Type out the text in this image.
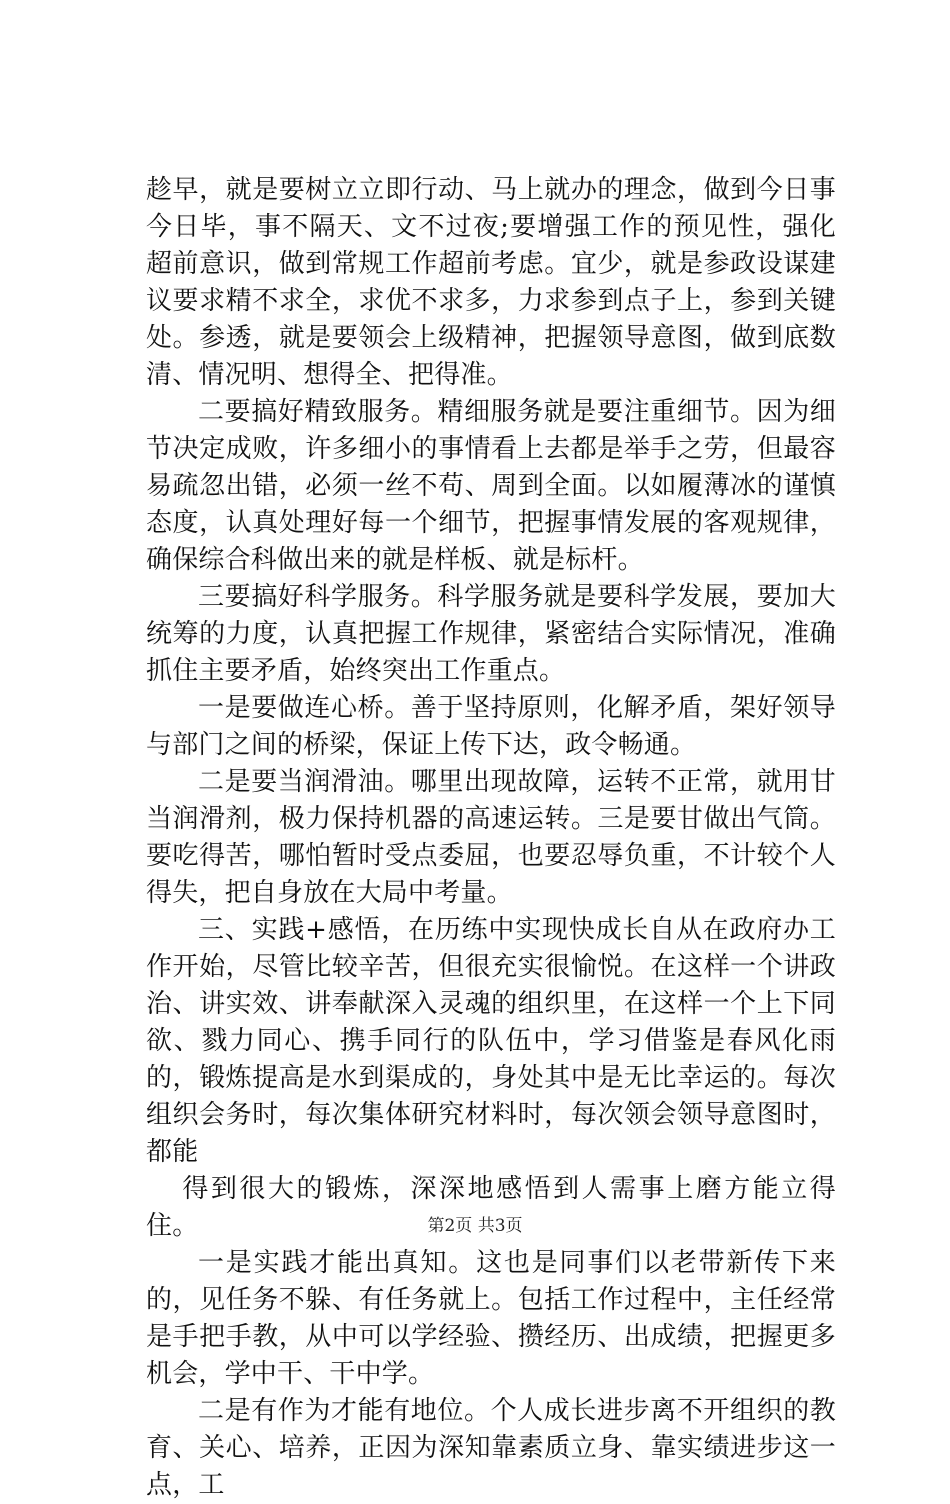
趁早，就是要树立立即行动、马上就办的理念，做到今日事今日毕，事不隔天、文不过夜;要增强工作的预见性，强化超前意识，做到常规工作超前考虑。宜少，就是参政设谋建议要求精不求全，求优不求多，力求参到点子上，参到关键处。参透，就是要领会上级精神，把握领导意图，做到底数清、情况明、想得全、把得准。

二要搞好精致服务。精细服务就是要注重细节。因为细节决定成败，许多细小的事情看上去都是举手之劳，但最容易疏忽出错，必须一丝不苟、周到全面。以如履薄冰的谨慎态度，认真处理好每一个细节，把握事情发展的客观规律，确保综合科做出来的就是样板、就是标杆。

三要搞好科学服务。科学服务就是要科学发展，要加大统筹的力度，认真把握工作规律，紧密结合实际情况，准确抓住主要矛盾，始终突出工作重点。

一是要做连心桥。善于坚持原则，化解矛盾，架好领导与部门之间的桥梁，保证上传下达，政令畅通。

二是要当润滑油。哪里出现故障，运转不正常，就用甘当润滑剂，极力保持机器的高速运转。三是要甘做出气筒。要吃得苦，哪怕暂时受点委屈，也要忍辱负重，不计较个人得失，把自身放在大局中考量。

三、实践+感悟，在历练中实现快成长自从在政府办工作开始，尽管比较辛苦，但很充实很愉悦。在这样一个讲政治、讲实效、讲奉献深入灵魂的组织里，在这样一个上下同欲、戮力同心、携手同行的队伍中，学习借鉴是春风化雨的，锻炼提高是水到渠成的，身处其中是无比幸运的。每次组织会务时，每次集体研究材料时，每次领会领导意图时，都能

得到很大的锻炼，深深地感悟到人需事上磨方能立得住。

一是实践才能出真知。这也是同事们以老带新传下来的，见任务不躲、有任务就上。包括工作过程中，主任经常是手把手教，从中可以学经验、攒经历、出成绩，把握更多机会，学中干、干中学。

二是有作为才能有地位。个人成长进步离不开组织的教育、关心、培养，正因为深知靠素质立身、靠实绩进步这一点，工

第2页 共3页
